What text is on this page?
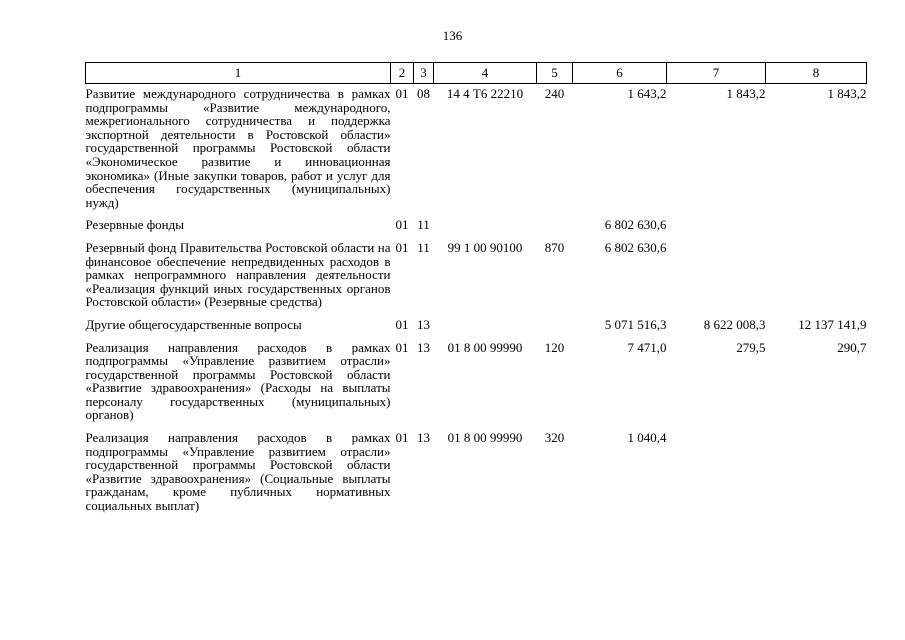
136
1	2	3	4	5	6	7	8
Развитие международного сотрудничества в рамках подпрограммы «Развитие международного, межрегионального сотрудничества и поддержка экспортной деятельности в Ростовской области» государственной программы Ростовской области «Экономическое развитие и инновационная экономика» (Иные закупки товаров, работ и услуг для обеспечения государственных (муниципальных) нужд)	01	08	14 4 Т6 22210	240	1 643,2	1 843,2	1 843,2
Резервные фонды	01	11			6 802 630,6		
Резервный фонд Правительства Ростовской области на финансовое обеспечение непредвиденных расходов в рамках непрограммного направления деятельности «Реализация функций иных государственных органов Ростовской области» (Резервные средства)	01	11	99 1 00 90100	870	6 802 630,6		
Другие общегосударственные вопросы	01	13			5 071 516,3	8 622 008,3	12 137 141,9
Реализация направления расходов в рамках подпрограммы «Управление развитием отрасли» государственной программы Ростовской области «Развитие здравоохранения» (Расходы на выплаты персоналу государственных (муниципальных) органов)	01	13	01 8 00 99990	120	7 471,0	279,5	290,7
Реализация направления расходов в рамках подпрограммы «Управление развитием отрасли» государственной программы Ростовской области «Развитие здравоохранения» (Социальные выплаты гражданам, кроме публичных нормативных социальных выплат)	01	13	01 8 00 99990	320	1 040,4		
